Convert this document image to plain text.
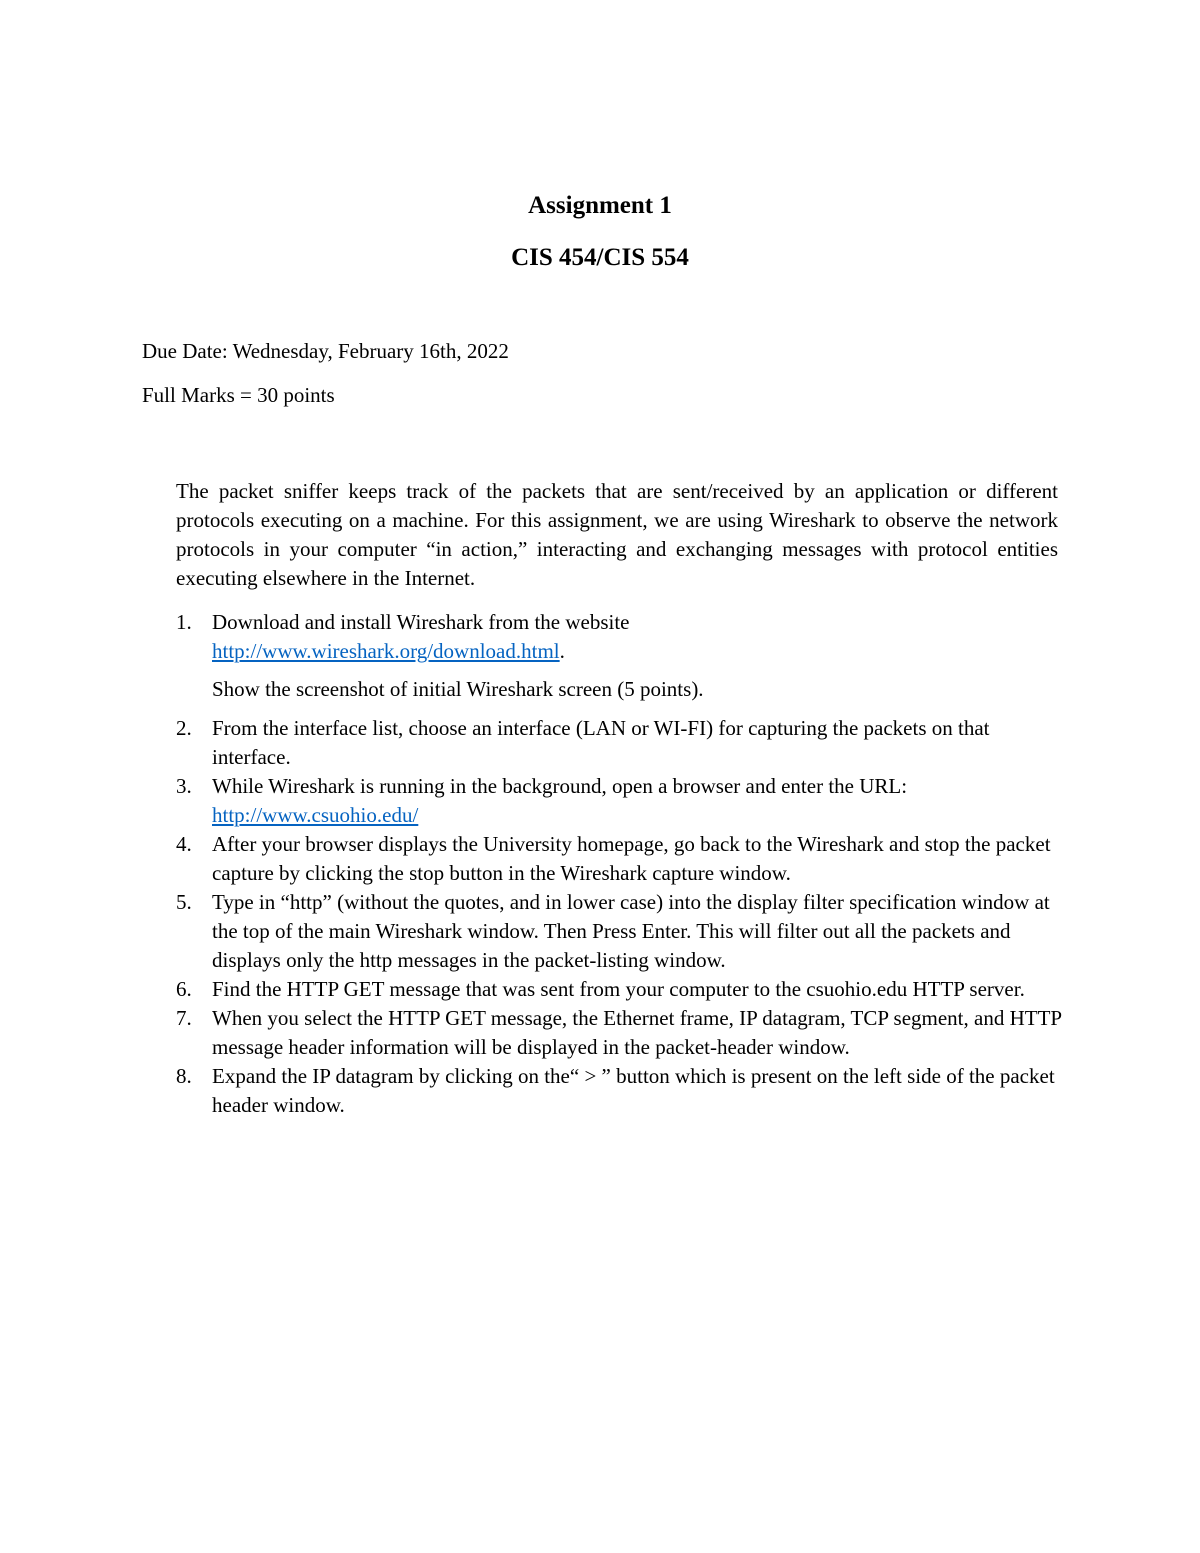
Assignment 1
CIS 454/CIS 554
Due Date: Wednesday, February 16th, 2022
Full Marks = 30 points

The packet sniffer keeps track of the packets that are sent/received by an application or different protocols executing on a machine. For this assignment, we are using Wireshark to observe the network protocols in your computer “in action,” interacting and exchanging messages with protocol entities executing elsewhere in the Internet.

1. Download and install Wireshark from the website
http://www.wireshark.org/download.html.
Show the screenshot of initial Wireshark screen (5 points).
2. From the interface list, choose an interface (LAN or WI-FI) for capturing the packets on that interface.
3. While Wireshark is running in the background, open a browser and enter the URL:
http://www.csuohio.edu/
4. After your browser displays the University homepage, go back to the Wireshark and stop the packet capture by clicking the stop button in the Wireshark capture window.
5. Type in “http” (without the quotes, and in lower case) into the display filter specification window at the top of the main Wireshark window. Then Press Enter. This will filter out all the packets and displays only the http messages in the packet-listing window.
6. Find the HTTP GET message that was sent from your computer to the csuohio.edu HTTP server.
7. When you select the HTTP GET message, the Ethernet frame, IP datagram, TCP segment, and HTTP message header information will be displayed in the packet-header window.
8. Expand the IP datagram by clicking on the“ > ” button which is present on the left side of the packet header window.
